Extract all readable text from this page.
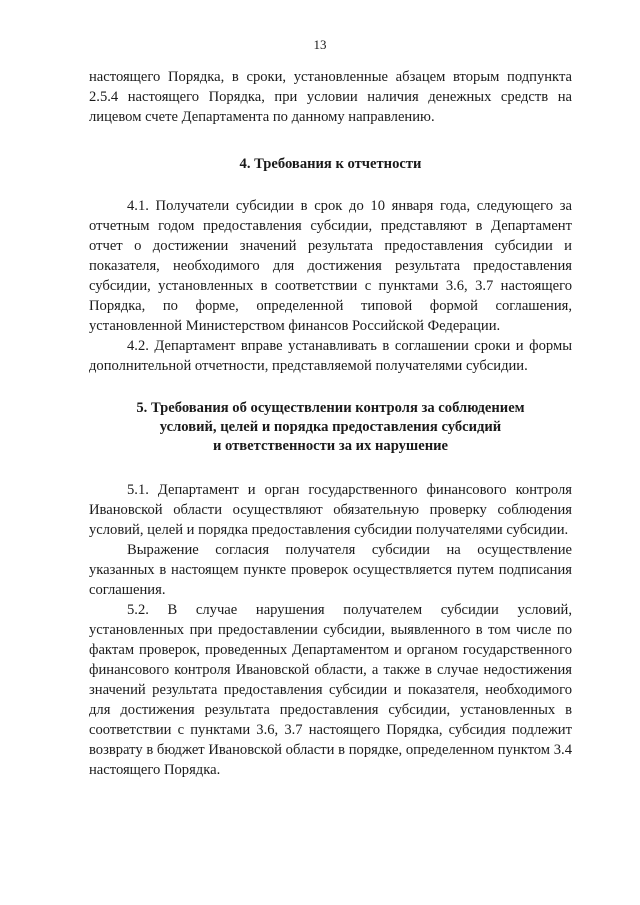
13

настоящего Порядка, в сроки, установленные абзацем вторым подпункта 2.5.4 настоящего Порядка, при условии наличия денежных средств на лицевом счете Департамента по данному направлению.

4. Требования к отчетности

4.1. Получатели субсидии в срок до 10 января года, следующего за отчетным годом предоставления субсидии, представляют в Департамент отчет о достижении значений результата предоставления субсидии и показателя, необходимого для достижения результата предоставления субсидии, установленных в соответствии с пунктами 3.6, 3.7 настоящего Порядка, по форме, определенной типовой формой соглашения, установленной Министерством финансов Российской Федерации.

4.2. Департамент вправе устанавливать в соглашении сроки и формы дополнительной отчетности, представляемой получателями субсидии.

5. Требования об осуществлении контроля за соблюдением
условий, целей и порядка предоставления субсидий
и ответственности за их нарушение

5.1. Департамент и орган государственного финансового контроля Ивановской области осуществляют обязательную проверку соблюдения условий, целей и порядка предоставления субсидии получателями субсидии.

Выражение согласия получателя субсидии на осуществление указанных в настоящем пункте проверок осуществляется путем подписания соглашения.

5.2. В случае нарушения получателем субсидии условий, установленных при предоставлении субсидии, выявленного в том числе по фактам проверок, проведенных Департаментом и органом государственного финансового контроля Ивановской области, а также в случае недостижения значений результата предоставления субсидии и показателя, необходимого для достижения результата предоставления субсидии, установленных в соответствии с пунктами 3.6, 3.7 настоящего Порядка, субсидия подлежит возврату в бюджет Ивановской области в порядке, определенном пунктом 3.4 настоящего Порядка.
